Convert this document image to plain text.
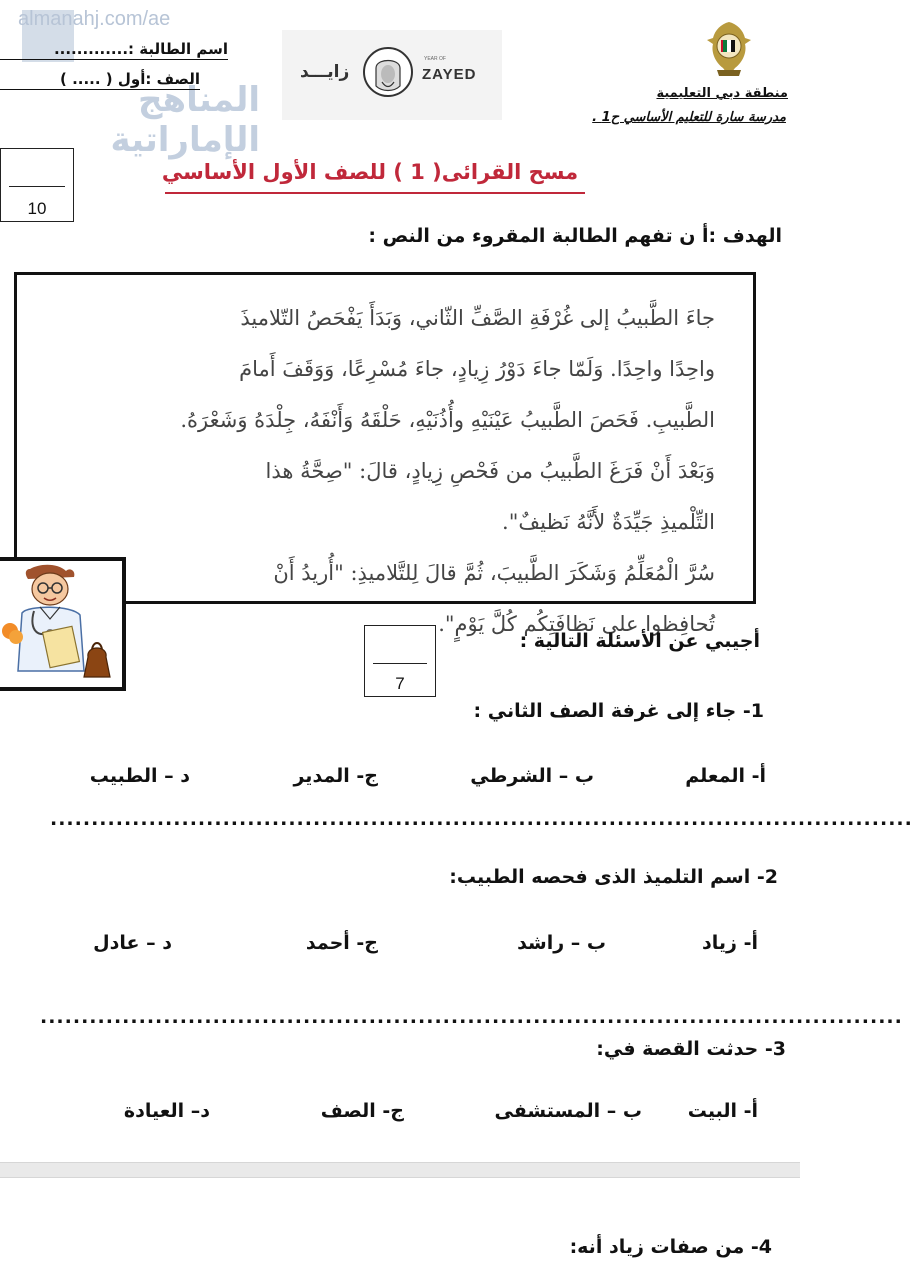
almanahj.com/ae
المناهج الإماراتية
منطقة دبي التعليمية
مدرسة سارة للتعليم الأساسي ح1 .
زايـــد
YEAR OF
ZAYED
اسم الطالبة :.............
الصف :أول ( ..... )
10
مسح القرائى( 1 ) للصف الأول الأساسي
الهدف :أ ن تفهم الطالبة المقروء من النص :
جاءَ الطَّبيبُ إلى غُرْفَةِ الصَّفِّ الثّاني، وَبَدَأَ يَفْحَصُ التّلاميذَ
واحِدًا واحِدًا. وَلَمّا جاءَ دَوْرُ زِيادٍ، جاءَ مُسْرِعًا، وَوَقَفَ أَمامَ
الطَّبيبِ. فَحَصَ الطَّبيبُ عَيْنَيْهِ وأُذُنَيْهِ، حَلْقَهُ وَأَنْفَهُ، جِلْدَهُ وَشَعْرَهُ.
وَبَعْدَ أَنْ فَرَغَ الطَّبيبُ من فَحْصِ زِيادٍ، قالَ: "صِحَّةُ هذا
التِّلْميذِ جَيِّدَةٌ لأَنَّهُ نَظيفٌ".
سُرَّ الْمُعَلِّمُ وَشَكَرَ الطَّبيبَ، ثُمَّ قالَ لِلتَّلاميذِ: "أُريدُ أَنْ
تُحافِظوا على نَظافَتِكُم كُلَّ يَوْمٍ".
7
أجيبي عن الأسئلة التالية :
1- جاء إلى غرفة الصف الثاني :
أ- المعلم
ب – الشرطي
ج- المدير
د – الطبيب
.........................................................................................................
2- اسم التلميذ الذى فحصه الطبيب:
أ- زياد
ب – راشد
ج- أحمد
د – عادل
.........................................................................................................
3- حدثت القصة في:
أ- البيت
ب – المستشفى
ج- الصف
د– العيادة
4- من صفات زياد أنه:
